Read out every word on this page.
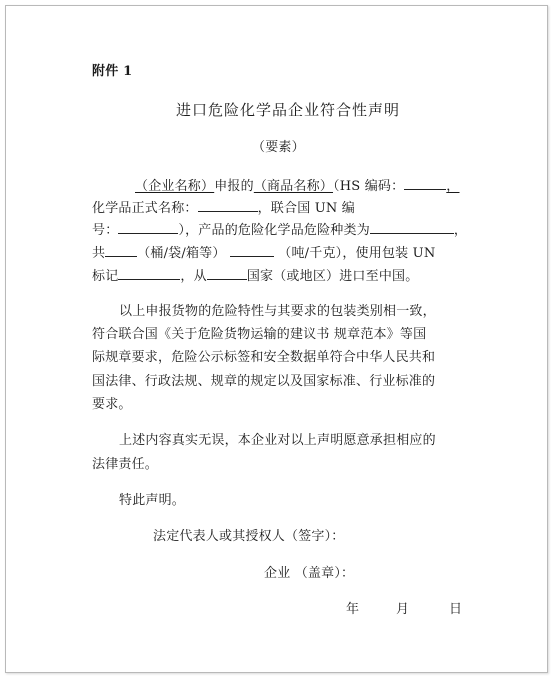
附件 1
进口危险化学品企业符合性声明
（要素）
（企业名称）申报的（商品名称）（HS 编码：	，
化学品正式名称：	，联合国 UN 编
号：	），产品的危险化学品危险种类为	，
共 （桶/袋/箱等）	（吨/千克），使用包装 UN
标记	，从	国家（或地区）进口至中国。
以上申报货物的危险特性与其要求的包装类别相一致，
符合联合国《关于危险货物运输的建议书 规章范本》等国
际规章要求，危险公示标签和安全数据单符合中华人民共和
国法律、行政法规、规章的规定以及国家标准、行业标准的
要求。
上述内容真实无误，本企业对以上声明愿意承担相应的
法律责任。
特此声明。
法定代表人或其授权人（签字）：
企业 （盖章）：
年	月	日
